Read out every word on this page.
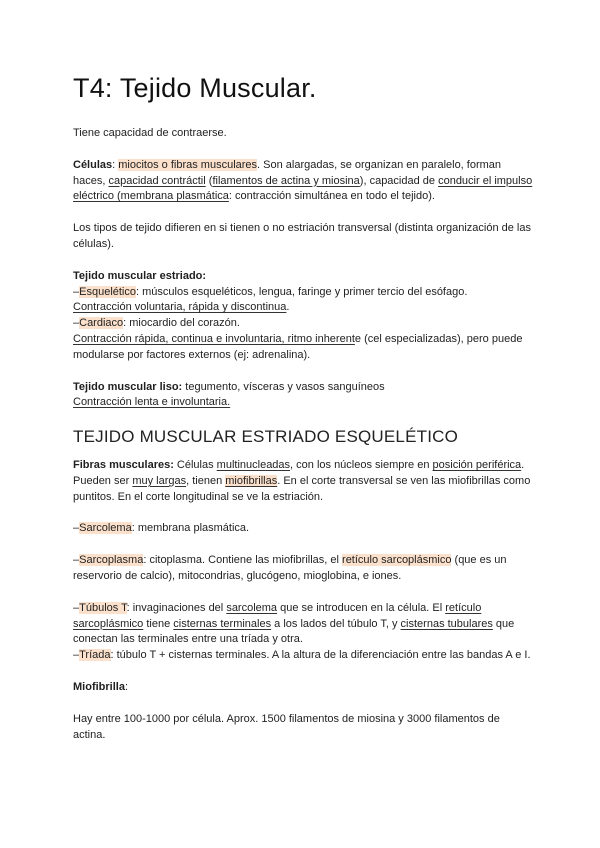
T4: Tejido Muscular.

Tiene capacidad de contraerse.

Células: miocitos o fibras musculares. Son alargadas, se organizan en paralelo, forman haces, capacidad contráctil (filamentos de actina y miosina), capacidad de conducir el impulso eléctrico (membrana plasmática: contracción simultánea en todo el tejido).

Los tipos de tejido difieren en si tienen o no estriación transversal (distinta organización de las células).

Tejido muscular estriado:

–Esquelético: músculos esqueléticos, lengua, faringe y primer tercio del esófago.

Contracción voluntaria, rápida y discontinua.

–Cardiaco: miocardio del corazón.

Contracción rápida, continua e involuntaria, ritmo inherente (cel especializadas), pero puede modularse por factores externos (ej: adrenalina).

Tejido muscular liso: tegumento, vísceras y vasos sanguíneos

Contracción lenta e involuntaria.

TEJIDO MUSCULAR ESTRIADO ESQUELÉTICO

Fibras musculares: Células multinucleadas, con los núcleos siempre en posición periférica. Pueden ser muy largas, tienen miofibrillas. En el corte transversal se ven las miofibrillas como puntitos. En el corte longitudinal se ve la estriación.

–Sarcolema: membrana plasmática.

–Sarcoplasma: citoplasma. Contiene las miofibrillas, el retículo sarcoplásmico (que es un reservorio de calcio), mitocondrias, glucógeno, mioglobina, e iones.

–Túbulos T: invaginaciones del sarcolema que se introducen en la célula. El retículo sarcoplásmico tiene cisternas terminales a los lados del túbulo T, y cisternas tubulares que conectan las terminales entre una tríada y otra.

–Tríada: túbulo T + cisternas terminales. A la altura de la diferenciación entre las bandas A e I.

Miofibrilla:

Hay entre 100-1000 por célula. Aprox. 1500 filamentos de miosina y 3000 filamentos de actina.
